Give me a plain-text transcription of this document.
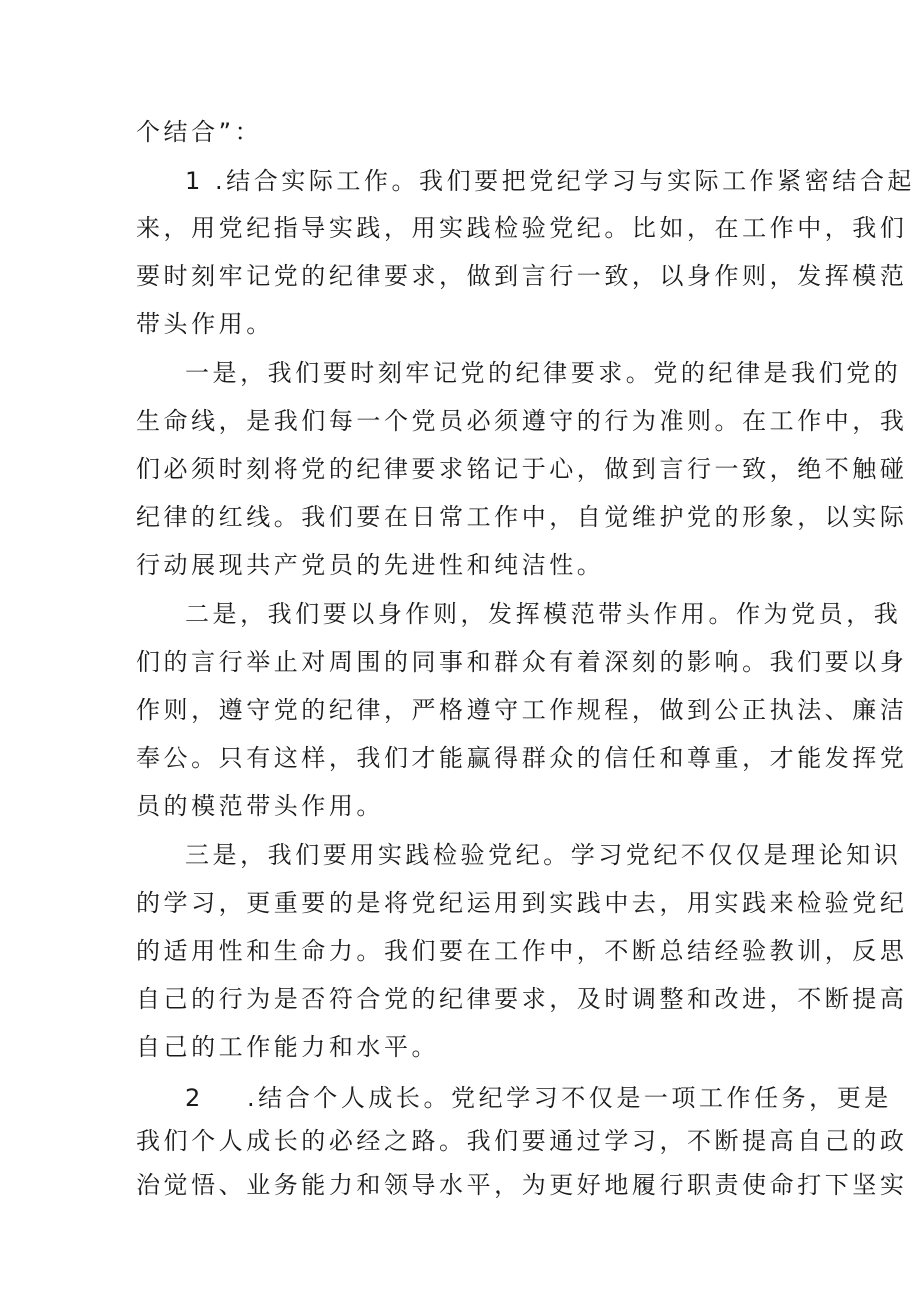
个结合”：
1 .结合实际工作。我们要把党纪学习与实际工作紧密结合起
来，用党纪指导实践，用实践检验党纪。比如，在工作中，我们
要时刻牢记党的纪律要求，做到言行一致，以身作则，发挥模范
带头作用。
一是，我们要时刻牢记党的纪律要求。党的纪律是我们党的
生命线，是我们每一个党员必须遵守的行为准则。在工作中，我
们必须时刻将党的纪律要求铭记于心，做到言行一致，绝不触碰
纪律的红线。我们要在日常工作中，自觉维护党的形象，以实际
行动展现共产党员的先进性和纯洁性。
二是，我们要以身作则，发挥模范带头作用。作为党员，我
们的言行举止对周围的同事和群众有着深刻的影响。我们要以身
作则，遵守党的纪律，严格遵守工作规程，做到公正执法、廉洁
奉公。只有这样，我们才能赢得群众的信任和尊重，才能发挥党
员的模范带头作用。
三是，我们要用实践检验党纪。学习党纪不仅仅是理论知识
的学习，更重要的是将党纪运用到实践中去，用实践来检验党纪
的适用性和生命力。我们要在工作中，不断总结经验教训，反思
自己的行为是否符合党的纪律要求，及时调整和改进，不断提高
自己的工作能力和水平。
2 .结合个人成长。党纪学习不仅是一项工作任务，更是
我们个人成长的必经之路。我们要通过学习，不断提高自己的政
治觉悟、业务能力和领导水平，为更好地履行职责使命打下坚实
